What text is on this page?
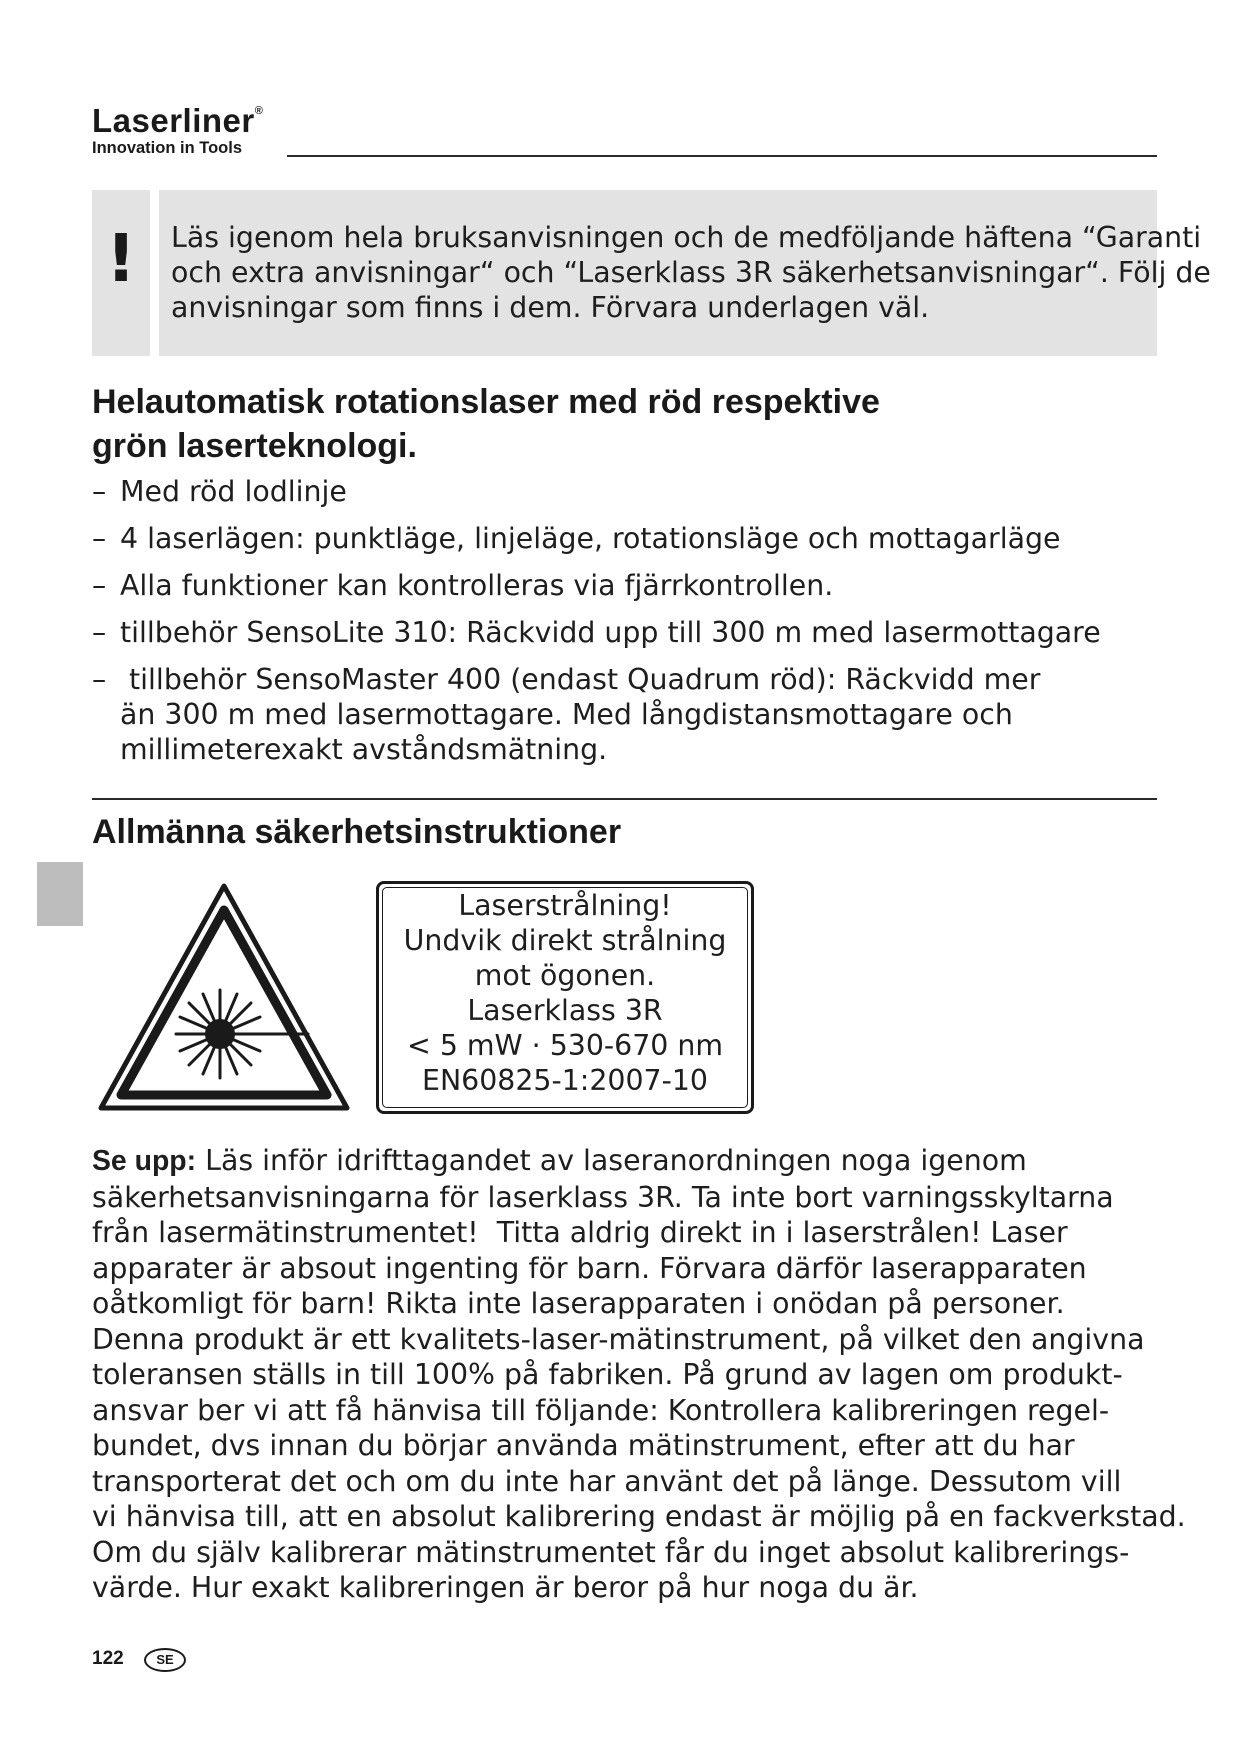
Laserliner®
Innovation in Tools
!	Läs igenom hela bruksanvisningen och de medföljande häftena “Garanti
och extra anvisningar“ och “Laserklass 3R säkerhetsanvisningar“. Följ de
anvisningar som finns i dem. Förvara underlagen väl.

Helautomatisk rotationslaser med röd respektive
grön laserteknologi.
– Med röd lodlinje
– 4 laserlägen: punktläge, linjeläge, rotationsläge och mottagarläge
– Alla funktioner kan kontrolleras via fjärrkontrollen.
– tillbehör SensoLite 310: Räckvidd upp till 300 m med lasermottagare
– tillbehör SensoMaster 400 (endast Quadrum röd): Räckvidd mer
än 300 m med lasermottagare. Med långdistansmottagare och
millimeterexakt avståndsmätning.
Allmänna säkerhetsinstruktioner
Laserstrålning!
Undvik direkt strålning
mot ögonen.
Laserklass 3R
< 5 mW · 530-670 nm
EN60825-1:2007-10

Se upp: Läs inför idrifttagandet av laseranordningen noga igenom
säkerhetsanvisningarna för laserklass 3R. Ta inte bort varningsskyltarna
från lasermätinstrumentet!  Titta aldrig direkt in i laserstrålen! Laser
apparater är absout ingenting för barn. Förvara därför laserapparaten
oåtkomligt för barn! Rikta inte laserapparaten i onödan på personer.
Denna produkt är ett kvalitets-laser-mätinstrument, på vilket den angivna
toleransen ställs in till 100% på fabriken. På grund av lagen om produkt-
ansvar ber vi att få hänvisa till följande: Kontrollera kalibreringen regel-
bundet, dvs innan du börjar använda mätinstrument, efter att du har
transporterat det och om du inte har använt det på länge. Dessutom vill
vi hänvisa till, att en absolut kalibrering endast är möjlig på en fackverkstad.
Om du själv kalibrerar mätinstrumentet får du inget absolut kalibrerings-
värde. Hur exakt kalibreringen är beror på hur noga du är.

122	SE
